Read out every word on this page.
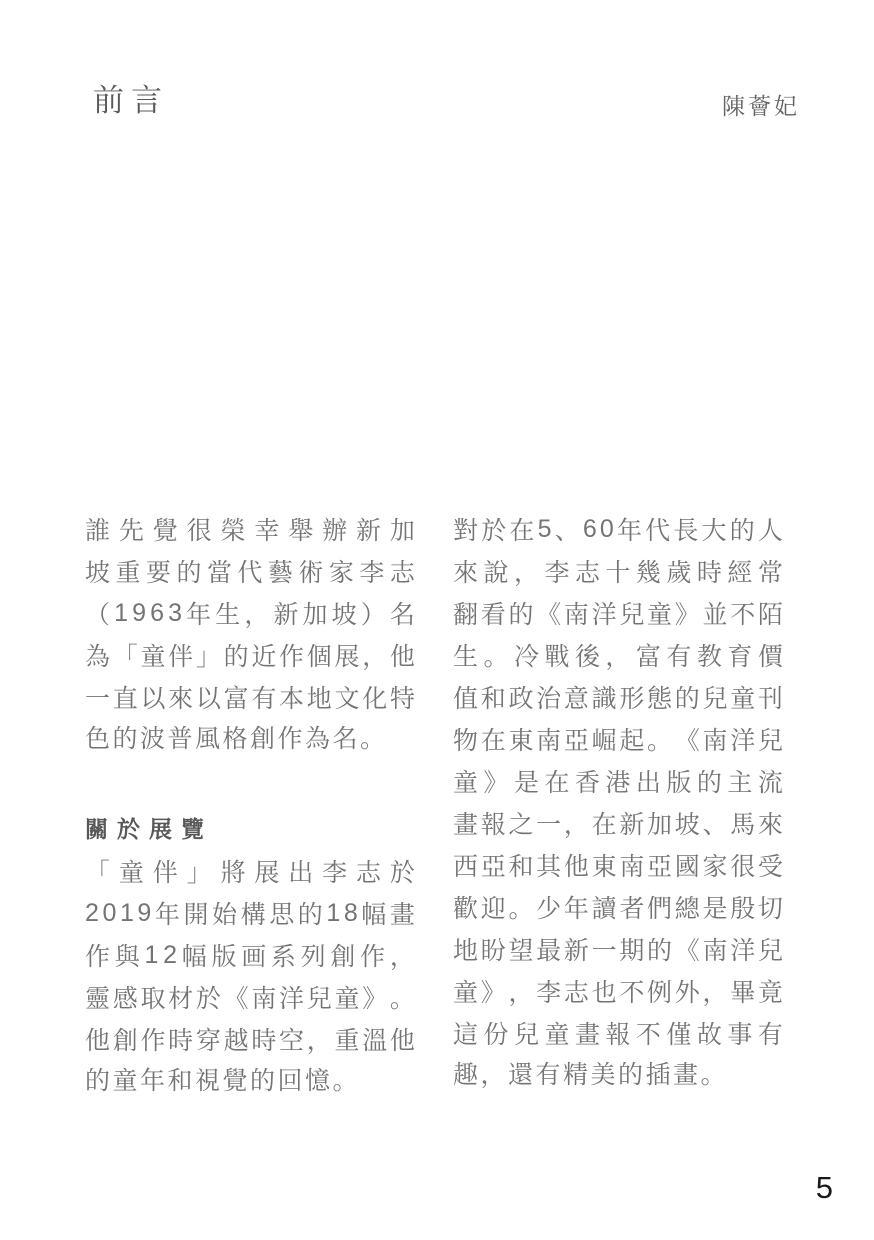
前言	陳薈妃
誰 先 覺 很 榮 幸 舉 辦 新 加
坡 重 要 的 當 代 藝 術 家 李 志
（ 1 9 6 3 年 生 ， 新 加 坡 ） 名
為 「 童 伴 」 的 近 作 個 展 ， 他
一 直 以 來 以 富 有 本 地 文 化 特
色的波普風格創作為名。
關於展覽
「 童 伴 」 將 展 出 李 志 於
2 0 1 9 年 開 始 構 思 的 1 8 幅 畫
作 與 1 2 幅 版 画 系 列 創 作 ，
靈 感 取 材 於 《 南 洋 兒 童 》 。
他 創 作 時 穿 越 時 空 ， 重 溫 他
的童年和視覺的回憶。
對 於 在 5 、 6 0 年 代 長 大 的 人
來 說 ， 李 志 十 幾 歲 時 經 常
翻 看 的 《 南 洋 兒 童 》 並 不 陌
生 。 冷 戰 後 ， 富 有 教 育 價
值 和 政 治 意 識 形 態 的 兒 童 刊
物 在 東 南 亞 崛 起 。 《 南 洋 兒
童 》 是 在 香 港 出 版 的 主 流
畫 報 之 一 ， 在 新 加 坡 、 馬 來
西 亞 和 其 他 東 南 亞 國 家 很 受
歡 迎 。 少 年 讀 者 們 總 是 殷 切
地 盼 望 最 新 一 期 的 《 南 洋 兒
童 》 ， 李 志 也 不 例 外 ， 畢 竟
這 份 兒 童 畫 報 不 僅 故 事 有
趣，還有精美的插畫。
5
